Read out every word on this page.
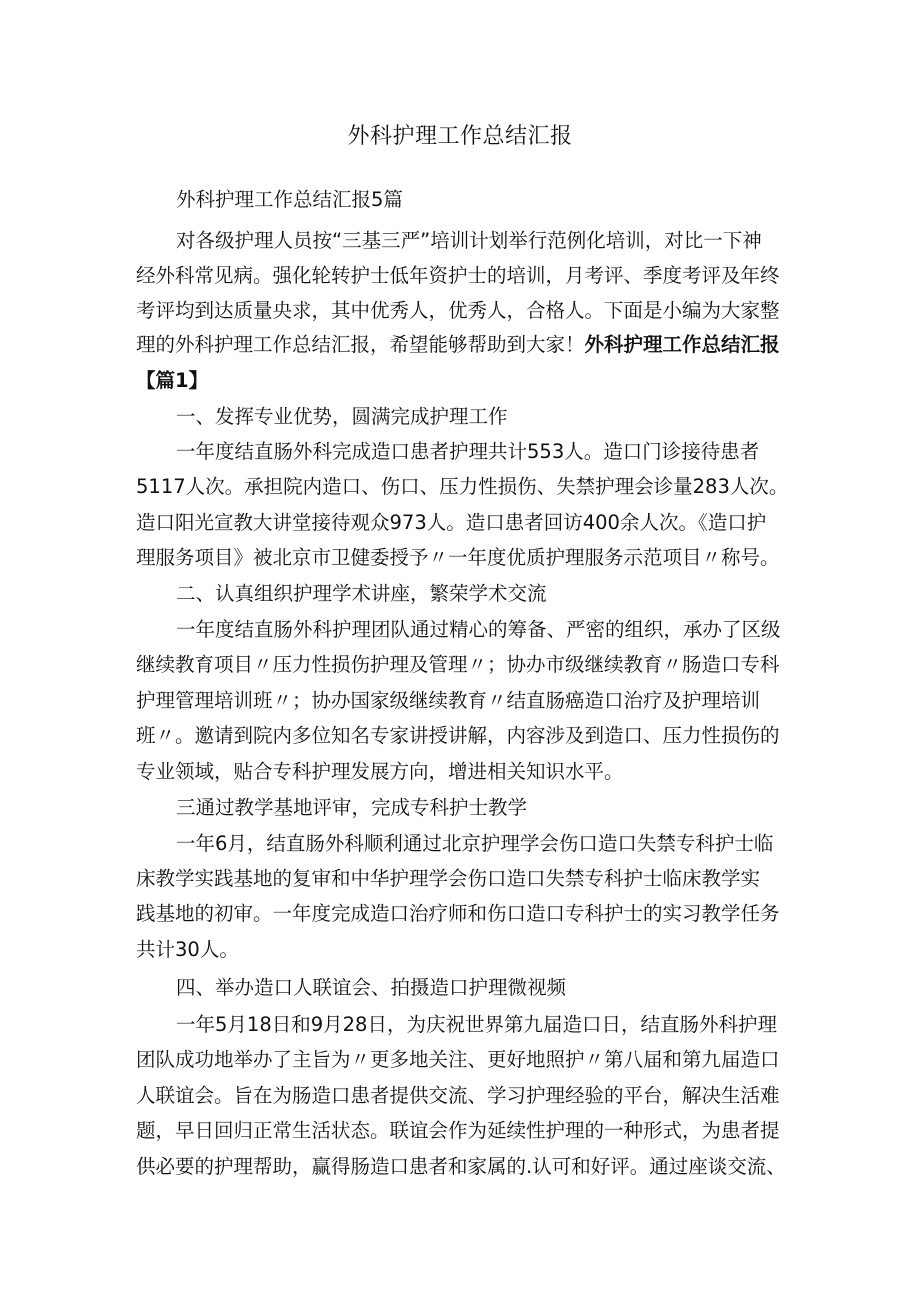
外科护理工作总结汇报
外科护理工作总结汇报5篇
对各级护理人员按“三基三严”培训计划举行范例化培训，对比一下神
经外科常见病。强化轮转护士低年资护士的培训，月考评、季度考评及年终
考评均到达质量央求，其中优秀人，优秀人，合格人。下面是小编为大家整
理的外科护理工作总结汇报，希望能够帮助到大家！外科护理工作总结汇报
【篇1】
一、发挥专业优势，圆满完成护理工作
一年度结直肠外科完成造口患者护理共计553人。造口门诊接待患者
5117人次。承担院内造口、伤口、压力性损伤、失禁护理会诊量283人次。
造口阳光宣教大讲堂接待观众973人。造口患者回访400余人次。《造口护
理服务项目》被北京市卫健委授予〃一年度优质护理服务示范项目〃称号。
二、认真组织护理学术讲座，繁荣学术交流
一年度结直肠外科护理团队通过精心的筹备、严密的组织，承办了区级
继续教育项目〃压力性损伤护理及管理〃；协办市级继续教育〃肠造口专科
护理管理培训班〃；协办国家级继续教育〃结直肠癌造口治疗及护理培训
班〃。邀请到院内多位知名专家讲授讲解，内容涉及到造口、压力性损伤的
专业领域，贴合专科护理发展方向，增进相关知识水平。
三通过教学基地评审，完成专科护士教学
一年6月，结直肠外科顺利通过北京护理学会伤口造口失禁专科护士临
床教学实践基地的复审和中华护理学会伤口造口失禁专科护士临床教学实
践基地的初审。一年度完成造口治疗师和伤口造口专科护士的实习教学任务
共计30人。
四、举办造口人联谊会、拍摄造口护理微视频
一年5月18日和9月28日，为庆祝世界第九届造口日，结直肠外科护理
团队成功地举办了主旨为〃更多地关注、更好地照护〃第八届和第九届造口
人联谊会。旨在为肠造口患者提供交流、学习护理经验的平台，解决生活难
题，早日回归正常生活状态。联谊会作为延续性护理的一种形式，为患者提
供必要的护理帮助，赢得肠造口患者和家属的.认可和好评。通过座谈交流、
